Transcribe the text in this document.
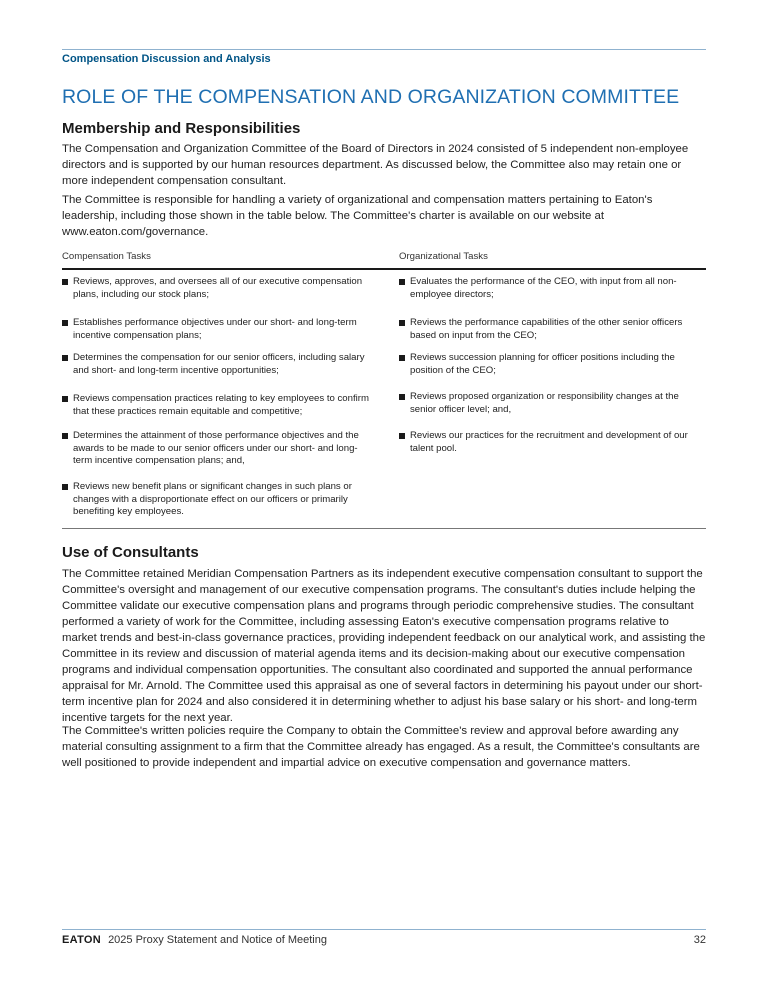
Compensation Discussion and Analysis
ROLE OF THE COMPENSATION AND ORGANIZATION COMMITTEE
Membership and Responsibilities

The Compensation and Organization Committee of the Board of Directors in 2024 consisted of 5 independent non-employee directors and is supported by our human resources department. As discussed below, the Committee also may retain one or more independent compensation consultant.

The Committee is responsible for handling a variety of organizational and compensation matters pertaining to Eaton's leadership, including those shown in the table below. The Committee's charter is available on our website at www.eaton.com/governance.

Compensation Tasks	Organizational Tasks
Reviews, approves, and oversees all of our executive compensation plans, including our stock plans;
Establishes performance objectives under our short- and long-term incentive compensation plans;
Determines the compensation for our senior officers, including salary and short- and long-term incentive opportunities;
Reviews compensation practices relating to key employees to confirm that these practices remain equitable and competitive;
Determines the attainment of those performance objectives and the awards to be made to our senior officers under our short- and long-term incentive compensation plans; and,
Reviews new benefit plans or significant changes in such plans or changes with a disproportionate effect on our officers or primarily benefiting key employees.
Evaluates the performance of the CEO, with input from all non-employee directors;
Reviews the performance capabilities of the other senior officers based on input from the CEO;
Reviews succession planning for officer positions including the position of the CEO;
Reviews proposed organization or responsibility changes at the senior officer level; and,
Reviews our practices for the recruitment and development of our talent pool.
Use of Consultants

The Committee retained Meridian Compensation Partners as its independent executive compensation consultant to support the Committee's oversight and management of our executive compensation programs. The consultant's duties include helping the Committee validate our executive compensation plans and programs through periodic comprehensive studies. The consultant performed a variety of work for the Committee, including assessing Eaton's executive compensation programs relative to market trends and best-in-class governance practices, providing independent feedback on our analytical work, and assisting the Committee in its review and discussion of material agenda items and its decision-making about our executive compensation programs and individual compensation opportunities. The consultant also coordinated and supported the annual performance appraisal for Mr. Arnold. The Committee used this appraisal as one of several factors in determining his payout under our short-term incentive plan for 2024 and also considered it in determining whether to adjust his base salary or his short- and long-term incentive targets for the next year.

The Committee's written policies require the Company to obtain the Committee's review and approval before awarding any material consulting assignment to a firm that the Committee already has engaged. As a result, the Committee's consultants are well positioned to provide independent and impartial advice on executive compensation and governance matters.

EATON 2025 Proxy Statement and Notice of Meeting	32
